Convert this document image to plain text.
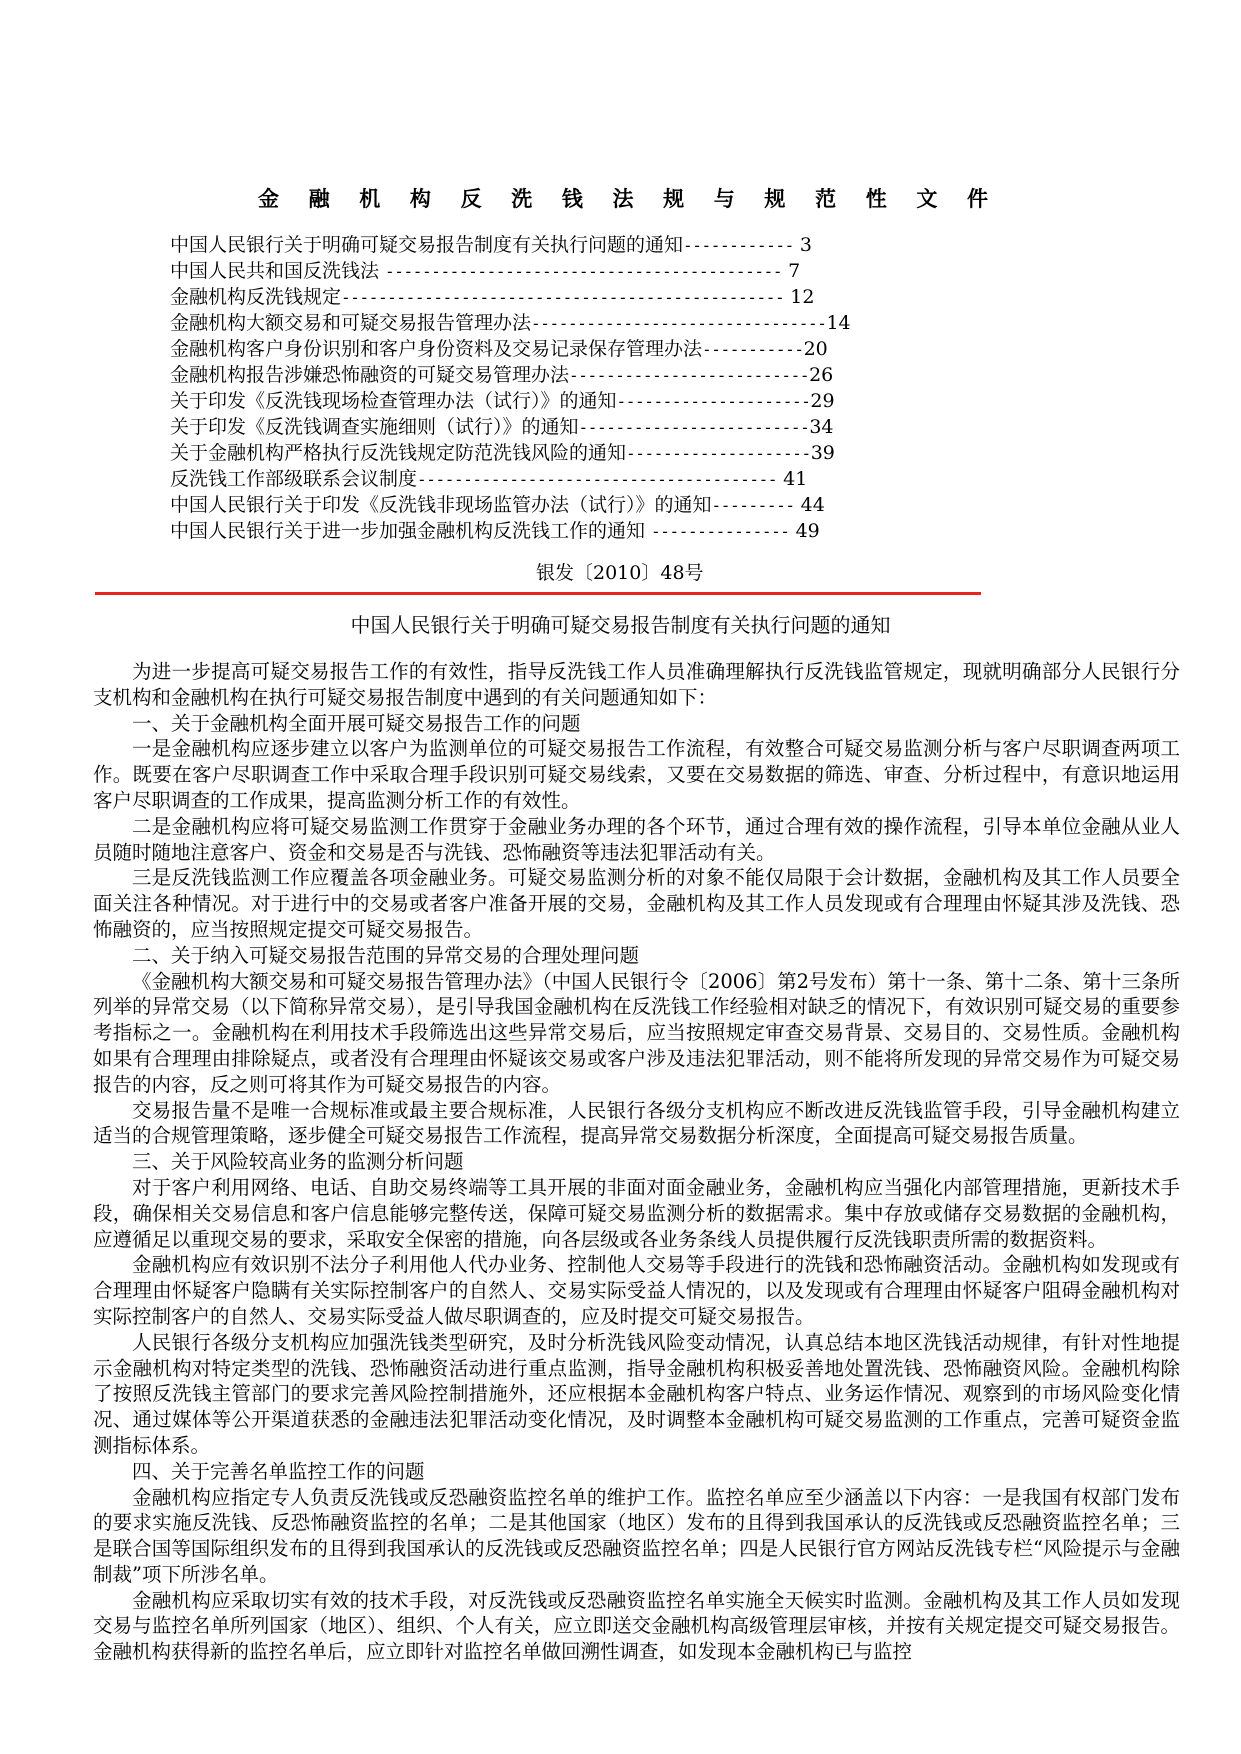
金 融 机 构 反 洗 钱 法 规 与 规 范 性 文 件
中国人民银行关于明确可疑交易报告制度有关执行问题的通知------------ 3
中国人民共和国反洗钱法 ------------------------------------------- 7
金融机构反洗钱规定------------------------------------------------ 12
金融机构大额交易和可疑交易报告管理办法--------------------------------14
金融机构客户身份识别和客户身份资料及交易记录保存管理办法-----------20
金融机构报告涉嫌恐怖融资的可疑交易管理办法--------------------------26
关于印发《反洗钱现场检查管理办法（试行）》的通知---------------------29
关于印发《反洗钱调查实施细则（试行）》的通知-------------------------34
关于金融机构严格执行反洗钱规定防范洗钱风险的通知--------------------39
反洗钱工作部级联系会议制度--------------------------------------- 41
中国人民银行关于印发《反洗钱非现场监管办法（试行）》的通知--------- 44
中国人民银行关于进一步加强金融机构反洗钱工作的通知 --------------- 49
银发〔2010〕48号
中国人民银行关于明确可疑交易报告制度有关执行问题的通知

为进一步提高可疑交易报告工作的有效性，指导反洗钱工作人员准确理解执行反洗钱监管规定，现就明确部分人民银行分支机构和金融机构在执行可疑交易报告制度中遇到的有关问题通知如下：

一、关于金融机构全面开展可疑交易报告工作的问题

一是金融机构应逐步建立以客户为监测单位的可疑交易报告工作流程，有效整合可疑交易监测分析与客户尽职调查两项工作。既要在客户尽职调查工作中采取合理手段识别可疑交易线索，又要在交易数据的筛选、审查、分析过程中，有意识地运用客户尽职调查的工作成果，提高监测分析工作的有效性。

二是金融机构应将可疑交易监测工作贯穿于金融业务办理的各个环节，通过合理有效的操作流程，引导本单位金融从业人员随时随地注意客户、资金和交易是否与洗钱、恐怖融资等违法犯罪活动有关。

三是反洗钱监测工作应覆盖各项金融业务。可疑交易监测分析的对象不能仅局限于会计数据，金融机构及其工作人员要全面关注各种情况。对于进行中的交易或者客户准备开展的交易，金融机构及其工作人员发现或有合理理由怀疑其涉及洗钱、恐怖融资的，应当按照规定提交可疑交易报告。

二、关于纳入可疑交易报告范围的异常交易的合理处理问题

《金融机构大额交易和可疑交易报告管理办法》（中国人民银行令〔2006〕第2号发布）第十一条、第十二条、第十三条所列举的异常交易（以下简称异常交易），是引导我国金融机构在反洗钱工作经验相对缺乏的情况下，有效识别可疑交易的重要参考指标之一。金融机构在利用技术手段筛选出这些异常交易后，应当按照规定审查交易背景、交易目的、交易性质。金融机构如果有合理理由排除疑点，或者没有合理理由怀疑该交易或客户涉及违法犯罪活动，则不能将所发现的异常交易作为可疑交易报告的内容，反之则可将其作为可疑交易报告的内容。

交易报告量不是唯一合规标准或最主要合规标准，人民银行各级分支机构应不断改进反洗钱监管手段，引导金融机构建立适当的合规管理策略，逐步健全可疑交易报告工作流程，提高异常交易数据分析深度，全面提高可疑交易报告质量。

三、关于风险较高业务的监测分析问题

对于客户利用网络、电话、自助交易终端等工具开展的非面对面金融业务，金融机构应当强化内部管理措施，更新技术手段，确保相关交易信息和客户信息能够完整传送，保障可疑交易监测分析的数据需求。集中存放或储存交易数据的金融机构，应遵循足以重现交易的要求，采取安全保密的措施，向各层级或各业务条线人员提供履行反洗钱职责所需的数据资料。

金融机构应有效识别不法分子利用他人代办业务、控制他人交易等手段进行的洗钱和恐怖融资活动。金融机构如发现或有合理理由怀疑客户隐瞒有关实际控制客户的自然人、交易实际受益人情况的，以及发现或有合理理由怀疑客户阻碍金融机构对实际控制客户的自然人、交易实际受益人做尽职调查的，应及时提交可疑交易报告。

人民银行各级分支机构应加强洗钱类型研究，及时分析洗钱风险变动情况，认真总结本地区洗钱活动规律，有针对性地提示金融机构对特定类型的洗钱、恐怖融资活动进行重点监测，指导金融机构积极妥善地处置洗钱、恐怖融资风险。金融机构除了按照反洗钱主管部门的要求完善风险控制措施外，还应根据本金融机构客户特点、业务运作情况、观察到的市场风险变化情况、通过媒体等公开渠道获悉的金融违法犯罪活动变化情况，及时调整本金融机构可疑交易监测的工作重点，完善可疑资金监测指标体系。

四、关于完善名单监控工作的问题

金融机构应指定专人负责反洗钱或反恐融资监控名单的维护工作。监控名单应至少涵盖以下内容：一是我国有权部门发布的要求实施反洗钱、反恐怖融资监控的名单；二是其他国家（地区）发布的且得到我国承认的反洗钱或反恐融资监控名单；三是联合国等国际组织发布的且得到我国承认的反洗钱或反恐融资监控名单；四是人民银行官方网站反洗钱专栏“风险提示与金融制裁”项下所涉名单。

金融机构应采取切实有效的技术手段，对反洗钱或反恐融资监控名单实施全天候实时监测。金融机构及其工作人员如发现交易与监控名单所列国家（地区）、组织、个人有关，应立即送交金融机构高级管理层审核，并按有关规定提交可疑交易报告。金融机构获得新的监控名单后，应立即针对监控名单做回溯性调查，如发现本金融机构已与监控
